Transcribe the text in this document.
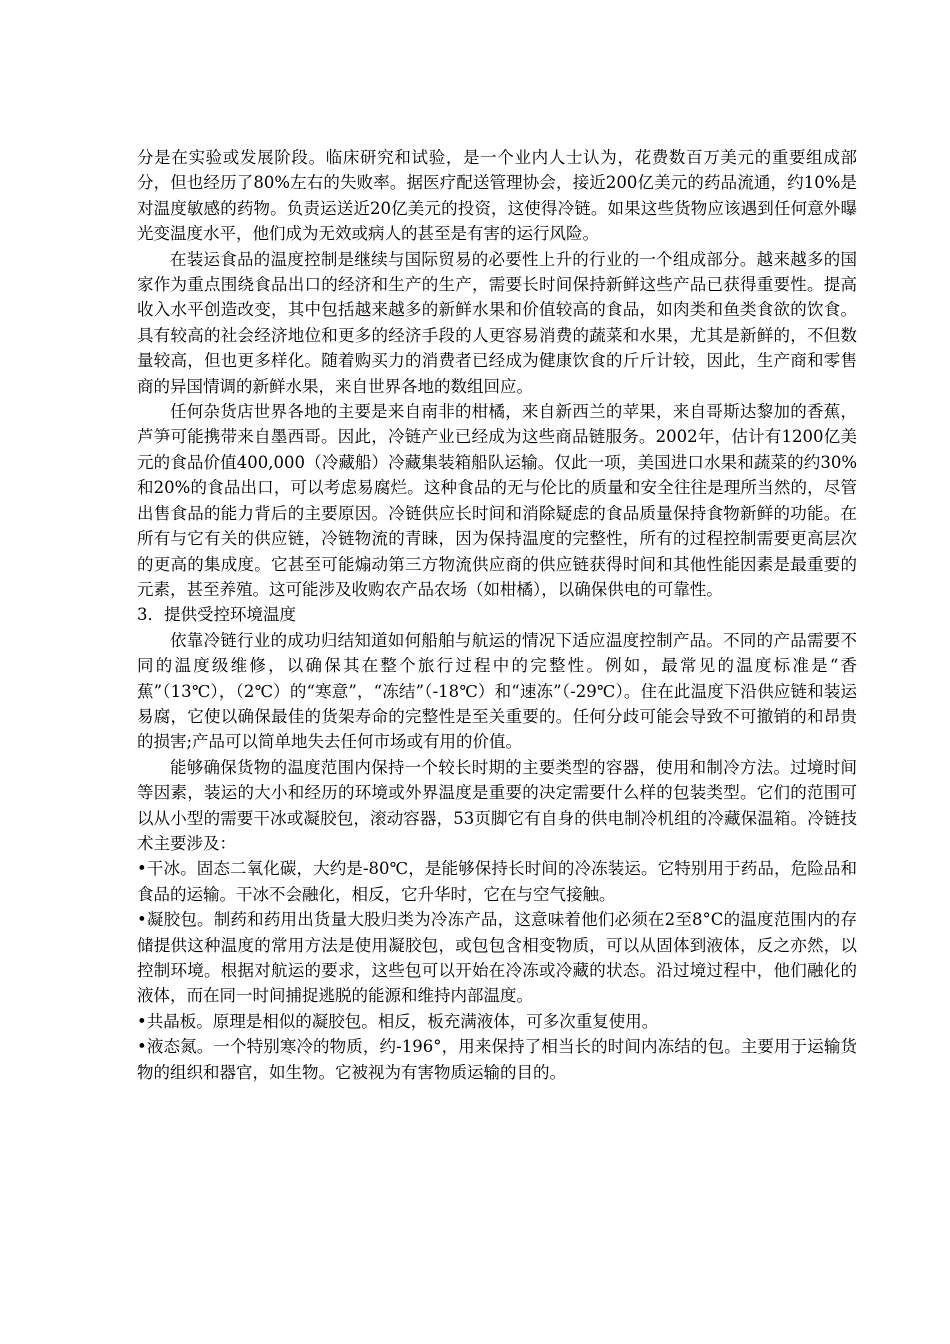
分是在实验或发展阶段。临床研究和试验，是一个业内人士认为，花费数百万美元的重要组成部分，但也经历了80%左右的失败率。据医疗配送管理协会，接近200亿美元的药品流通，约10%是对温度敏感的药物。负责运送近20亿美元的投资，这使得冷链。如果这些货物应该遇到任何意外曝光变温度水平，他们成为无效或病人的甚至是有害的运行风险。

在装运食品的温度控制是继续与国际贸易的必要性上升的行业的一个组成部分。越来越多的国家作为重点围绕食品出口的经济和生产的生产，需要长时间保持新鲜这些产品已获得重要性。提高收入水平创造改变，其中包括越来越多的新鲜水果和价值较高的食品，如肉类和鱼类食欲的饮食。具有较高的社会经济地位和更多的经济手段的人更容易消费的蔬菜和水果，尤其是新鲜的，不但数量较高，但也更多样化。随着购买力的消费者已经成为健康饮食的斤斤计较，因此，生产商和零售商的异国情调的新鲜水果，来自世界各地的数组回应。

任何杂货店世界各地的主要是来自南非的柑橘，来自新西兰的苹果，来自哥斯达黎加的香蕉，芦笋可能携带来自墨西哥。因此，冷链产业已经成为这些商品链服务。2002年，估计有1200亿美元的食品价值400,000（冷藏船）冷藏集装箱船队运输。仅此一项，美国进口水果和蔬菜的约30%和20%的食品出口，可以考虑易腐烂。这种食品的无与伦比的质量和安全往往是理所当然的，尽管出售食品的能力背后的主要原因。冷链供应长时间和消除疑虑的食品质量保持食物新鲜的功能。在所有与它有关的供应链，冷链物流的青睐，因为保持温度的完整性，所有的过程控制需要更高层次的更高的集成度。它甚至可能煽动第三方物流供应商的供应链获得时间和其他性能因素是最重要的元素，甚至养殖。这可能涉及收购农产品农场（如柑橘），以确保供电的可靠性。

3．提供受控环境温度

依靠冷链行业的成功归结知道如何船舶与航运的情况下适应温度控制产品。不同的产品需要不同的温度级维修，以确保其在整个旅行过程中的完整性。例如，最常见的温度标准是“香蕉”（13℃），（2℃）的“寒意”，“冻结”（-18℃）和“速冻”（-29℃）。住在此温度下沿供应链和装运易腐，它使以确保最佳的货架寿命的完整性是至关重要的。任何分歧可能会导致不可撤销的和昂贵的损害;产品可以简单地失去任何市场或有用的价值。

能够确保货物的温度范围内保持一个较长时期的主要类型的容器，使用和制冷方法。过境时间等因素，装运的大小和经历的环境或外界温度是重要的决定需要什么样的包装类型。它们的范围可以从小型的需要干冰或凝胶包，滚动容器，53页脚它有自身的供电制冷机组的冷藏保温箱。冷链技术主要涉及：

•干冰。固态二氧化碳，大约是-80℃，是能够保持长时间的冷冻装运。它特别用于药品，危险品和食品的运输。干冰不会融化，相反，它升华时，它在与空气接触。

•凝胶包。制药和药用出货量大股归类为冷冻产品，这意味着他们必须在2至8°C的温度范围内的存储提供这种温度的常用方法是使用凝胶包，或包包含相变物质，可以从固体到液体，反之亦然，以控制环境。根据对航运的要求，这些包可以开始在冷冻或冷藏的状态。沿过境过程中，他们融化的液体，而在同一时间捕捉逃脱的能源和维持内部温度。

•共晶板。原理是相似的凝胶包。相反，板充满液体，可多次重复使用。

•液态氮。一个特别寒冷的物质，约-196°，用来保持了相当长的时间内冻结的包。主要用于运输货物的组织和器官，如生物。它被视为有害物质运输的目的。
